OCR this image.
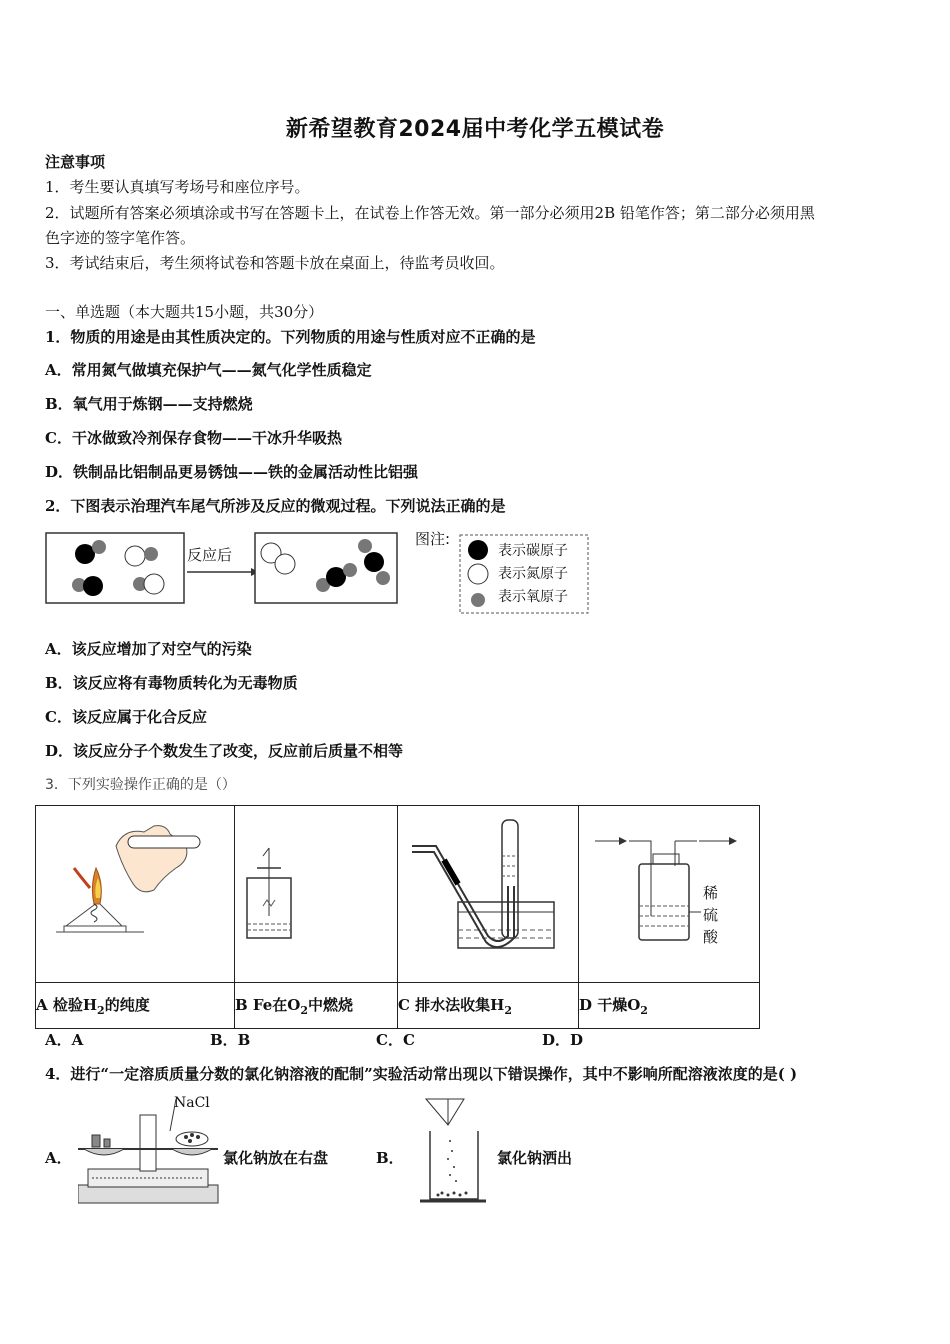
新希望教育2024届中考化学五模试卷
注意事项
1．考生要认真填写考场号和座位序号。
2．试题所有答案必须填涂或书写在答题卡上，在试卷上作答无效。第一部分必须用2B 铅笔作答；第二部分必须用黑
色字迹的签字笔作答。
3．考试结束后，考生须将试卷和答题卡放在桌面上，待监考员收回。
一、单选题（本大题共15小题，共30分）
1．物质的用途是由其性质决定的。下列物质的用途与性质对应不正确的是
A．常用氮气做填充保护气——氮气化学性质稳定
B．氧气用于炼钢——支持燃烧
C．干冰做致冷剂保存食物——干冰升华吸热
D．铁制品比铝制品更易锈蚀——铁的金属活动性比铝强
2．下图表示治理汽车尾气所涉及反应的微观过程。下列说法正确的是
反应后
图注:
表示碳原子
表示氮原子
表示氧原子
A．该反应增加了对空气的污染
B．该反应将有毒物质转化为无毒物质
C．该反应属于化合反应
D．该反应分子个数发生了改变，反应前后质量不相等
3．下列实验操作正确的是（）

稀
硫
酸

A 检验$H_2$的纯度	B Fe在$O_2$中燃烧	C 排水法收集$H_2$	D 干燥$O_2$
A．A	B．B	C．C	D．D
4．进行“一定溶质质量分数的氯化钠溶液的配制”实验活动常出现以下错误操作，其中不影响所配溶液浓度的是( )
A．
NaCl
氯化钠放在右盘	B．	氯化钠洒出
